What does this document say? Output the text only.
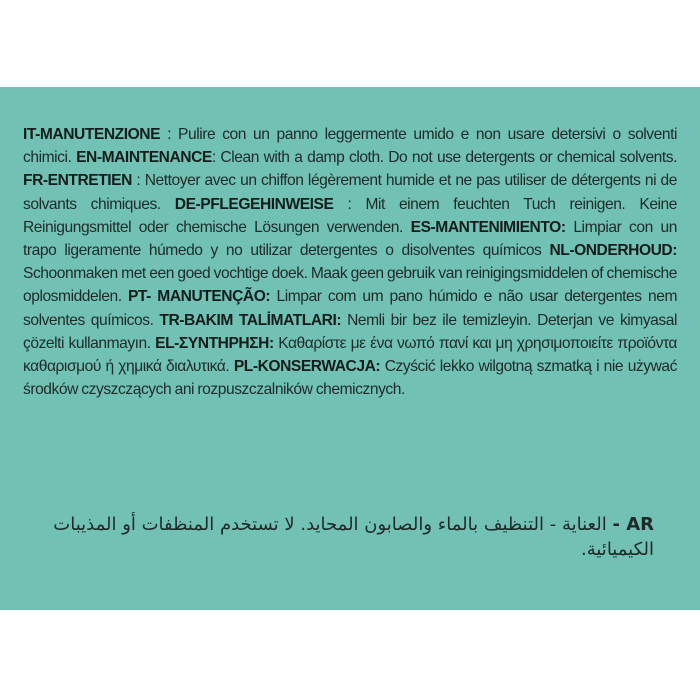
IT-MANUTENZIONE : Pulire con un panno leggermente umido e non usare detersivi o solventi chimici. EN-MAINTENANCE: Clean with a damp cloth. Do not use detergents or chemical solvents. FR-ENTRETIEN : Nettoyer avec un chiffon légèrement humide et ne pas utiliser de détergents ni de solvants chimiques. DE-PFLEGEHINWEISE : Mit einem feuchten Tuch reinigen. Keine Reinigungsmittel oder chemische Lösungen verwenden. ES-MANTENIMIENTO: Limpiar con un trapo ligeramente húmedo y no utilizar detergentes o disolventes químicos NL-ONDERHOUD: Schoonmaken met een goed vochtige doek. Maak geen gebruik van reinigingsmiddelen of chemische oplosmiddelen. PT- MANUTENÇÃO: Limpar com um pano húmido e não usar detergentes nem solventes químicos. TR-BAKIM TALİMATLARI: Nemli bir bez ile temizleyin. Deterjan ve kimyasal çözelti kullanmayın. EL-ΣΥΝΤΗΡΗΣΗ: Καθαρίστε με ένα νωπό πανί και μη χρησιμοποιείτε προϊόντα καθαρισμού ή χημικά διαλυτικά. PL-KONSERWACJA: Czyścić lekko wilgotną szmatką i nie używać środków czyszczących ani rozpuszczalników chemicznych.

AR - العناية - التنظيف بالماء والصابون المحايد. لا تستخدم المنظفات أو المذيبات الكيميائية.
